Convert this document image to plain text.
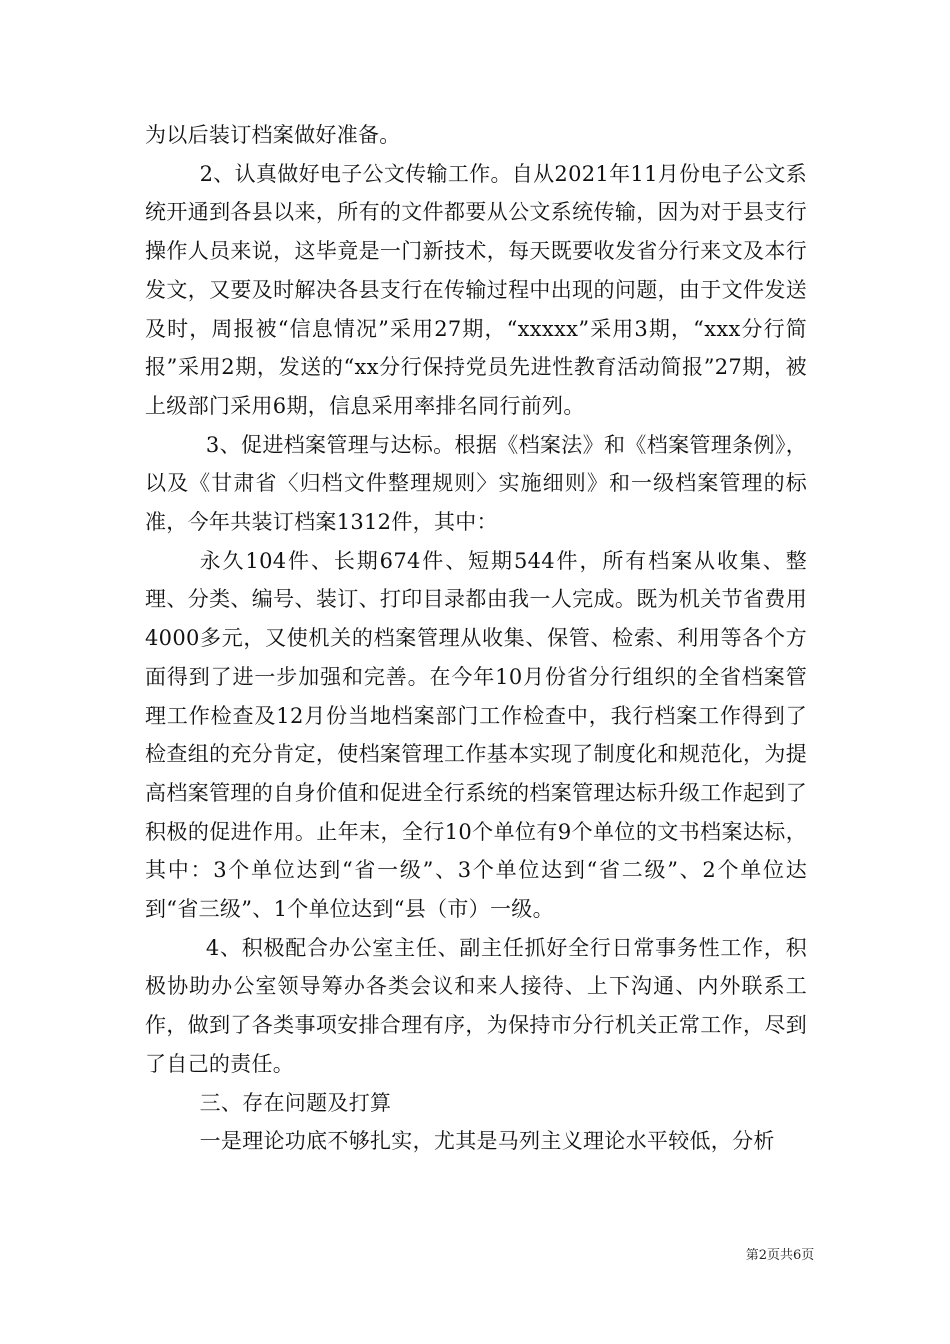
为以后装订档案做好准备。

2、认真做好电子公文传输工作。自从2021年11月份电子公文系统开通到各县以来，所有的文件都要从公文系统传输，因为对于县支行操作人员来说，这毕竟是一门新技术，每天既要收发省分行来文及本行发文，又要及时解决各县支行在传输过程中出现的问题，由于文件发送及时，周报被“信息情况”采用27期，“xxxxx”采用3期，“xxx分行简报”采用2期，发送的“xx分行保持党员先进性教育活动简报”27期，被上级部门采用6期，信息采用率排名同行前列。

3、促进档案管理与达标。根据《档案法》和《档案管理条例》，以及《甘肃省〈归档文件整理规则〉实施细则》和一级档案管理的标准，今年共装订档案1312件，其中：

永久104件、长期674件、短期544件，所有档案从收集、整理、分类、编号、装订、打印目录都由我一人完成。既为机关节省费用4000多元，又使机关的档案管理从收集、保管、检索、利用等各个方面得到了进一步加强和完善。在今年10月份省分行组织的全省档案管理工作检查及12月份当地档案部门工作检查中，我行档案工作得到了检查组的充分肯定，使档案管理工作基本实现了制度化和规范化，为提高档案管理的自身价值和促进全行系统的档案管理达标升级工作起到了积极的促进作用。止年末，全行10个单位有9个单位的文书档案达标，其中：3个单位达到“省一级”、3个单位达到“省二级”、2个单位达到“省三级”、1个单位达到“县（市）一级。

4、积极配合办公室主任、副主任抓好全行日常事务性工作，积极协助办公室领导筹办各类会议和来人接待、上下沟通、内外联系工作，做到了各类事项安排合理有序，为保持市分行机关正常工作，尽到了自己的责任。

三、存在问题及打算

一是理论功底不够扎实，尤其是马列主义理论水平较低，分析

第2页共6页
